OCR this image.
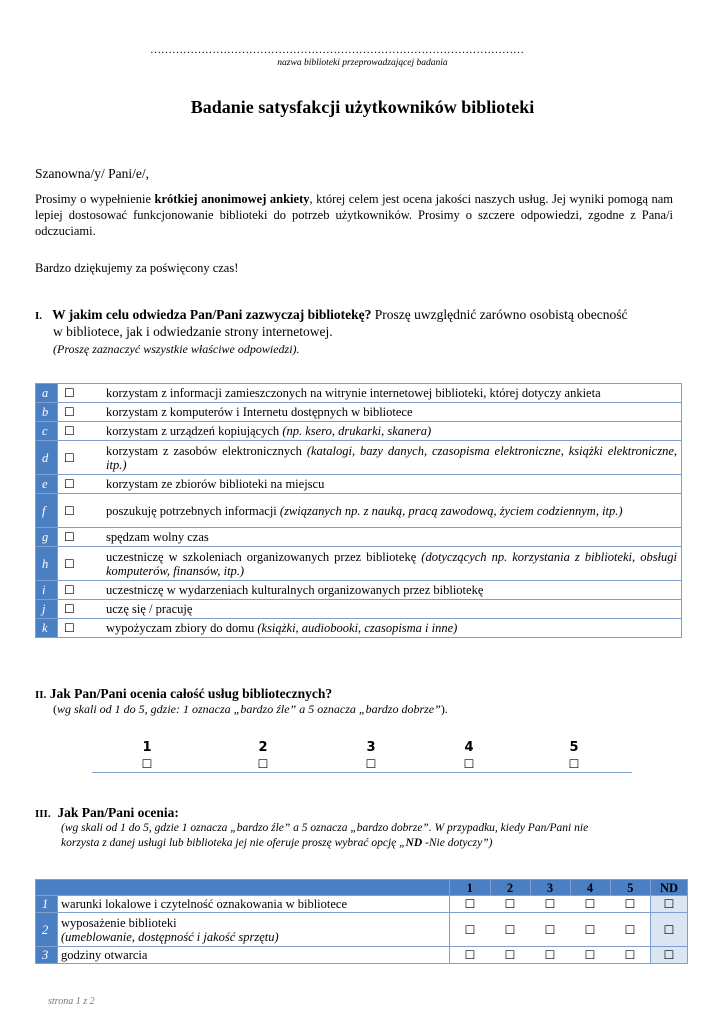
…………………………………………………………………………………………
nazwa biblioteki przeprowadzającej badania
Badanie satysfakcji użytkowników biblioteki
Szanowna/y/ Pani/e/,
Prosimy o wypełnienie krótkiej anonimowej ankiety, której celem jest ocena jakości naszych usług. Jej wyniki pomogą nam lepiej dostosować funkcjonowanie biblioteki do potrzeb użytkowników. Prosimy o szczere odpowiedzi, zgodne z Pana/i odczuciami.
Bardzo dziękujemy za poświęcony czas!
I. W jakim celu odwiedza Pan/Pani zazwyczaj bibliotekę? Proszę uwzględnić zarówno osobistą obecność
w bibliotece, jak i odwiedzanie strony internetowej.
(Proszę zaznaczyć wszystkie właściwe odpowiedzi).
a	☐	korzystam z informacji zamieszczonych na witrynie internetowej biblioteki, której dotyczy ankieta
b	☐	korzystam z komputerów i Internetu dostępnych w bibliotece
c	☐	korzystam z urządzeń kopiujących (np. ksero, drukarki, skanera)
d	☐	korzystam z zasobów elektronicznych (katalogi, bazy danych, czasopisma elektroniczne, książki elektroniczne, itp.)
e	☐	korzystam ze zbiorów biblioteki na miejscu
f	☐	poszukuję potrzebnych informacji (związanych np. z nauką, pracą zawodową, życiem codziennym, itp.)
g	☐	spędzam wolny czas
h	☐	uczestniczę w szkoleniach organizowanych przez bibliotekę (dotyczących np. korzystania z biblioteki, obsługi komputerów, finansów, itp.)
i	☐	uczestniczę w wydarzeniach kulturalnych organizowanych przez bibliotekę
j	☐	uczę się / pracuję
k	☐	wypożyczam zbiory do domu (książki, audiobooki, czasopisma i inne)
II. Jak Pan/Pani ocenia całość usług bibliotecznych?
(wg skali od 1 do 5, gdzie: 1 oznacza „bardzo źle” a 5 oznacza „bardzo dobrze”).
1	2	3	4	5
☐	☐	☐	☐	☐
III. Jak Pan/Pani ocenia:
(wg skali od 1 do 5, gdzie 1 oznacza „bardzo źle” a 5 oznacza „bardzo dobrze”. W przypadku, kiedy Pan/Pani nie
korzysta z danej usługi lub biblioteka jej nie oferuje proszę wybrać opcję „ND -Nie dotyczy”)
		1	2	3	4	5	ND
1	warunki lokalowe i czytelność oznakowania w bibliotece	☐	☐	☐	☐	☐	☐
2	wyposażenie biblioteki
(umeblowanie, dostępność i jakość sprzętu)	☐	☐	☐	☐	☐	☐
3	godziny otwarcia	☐	☐	☐	☐	☐	☐
strona 1 z 2
